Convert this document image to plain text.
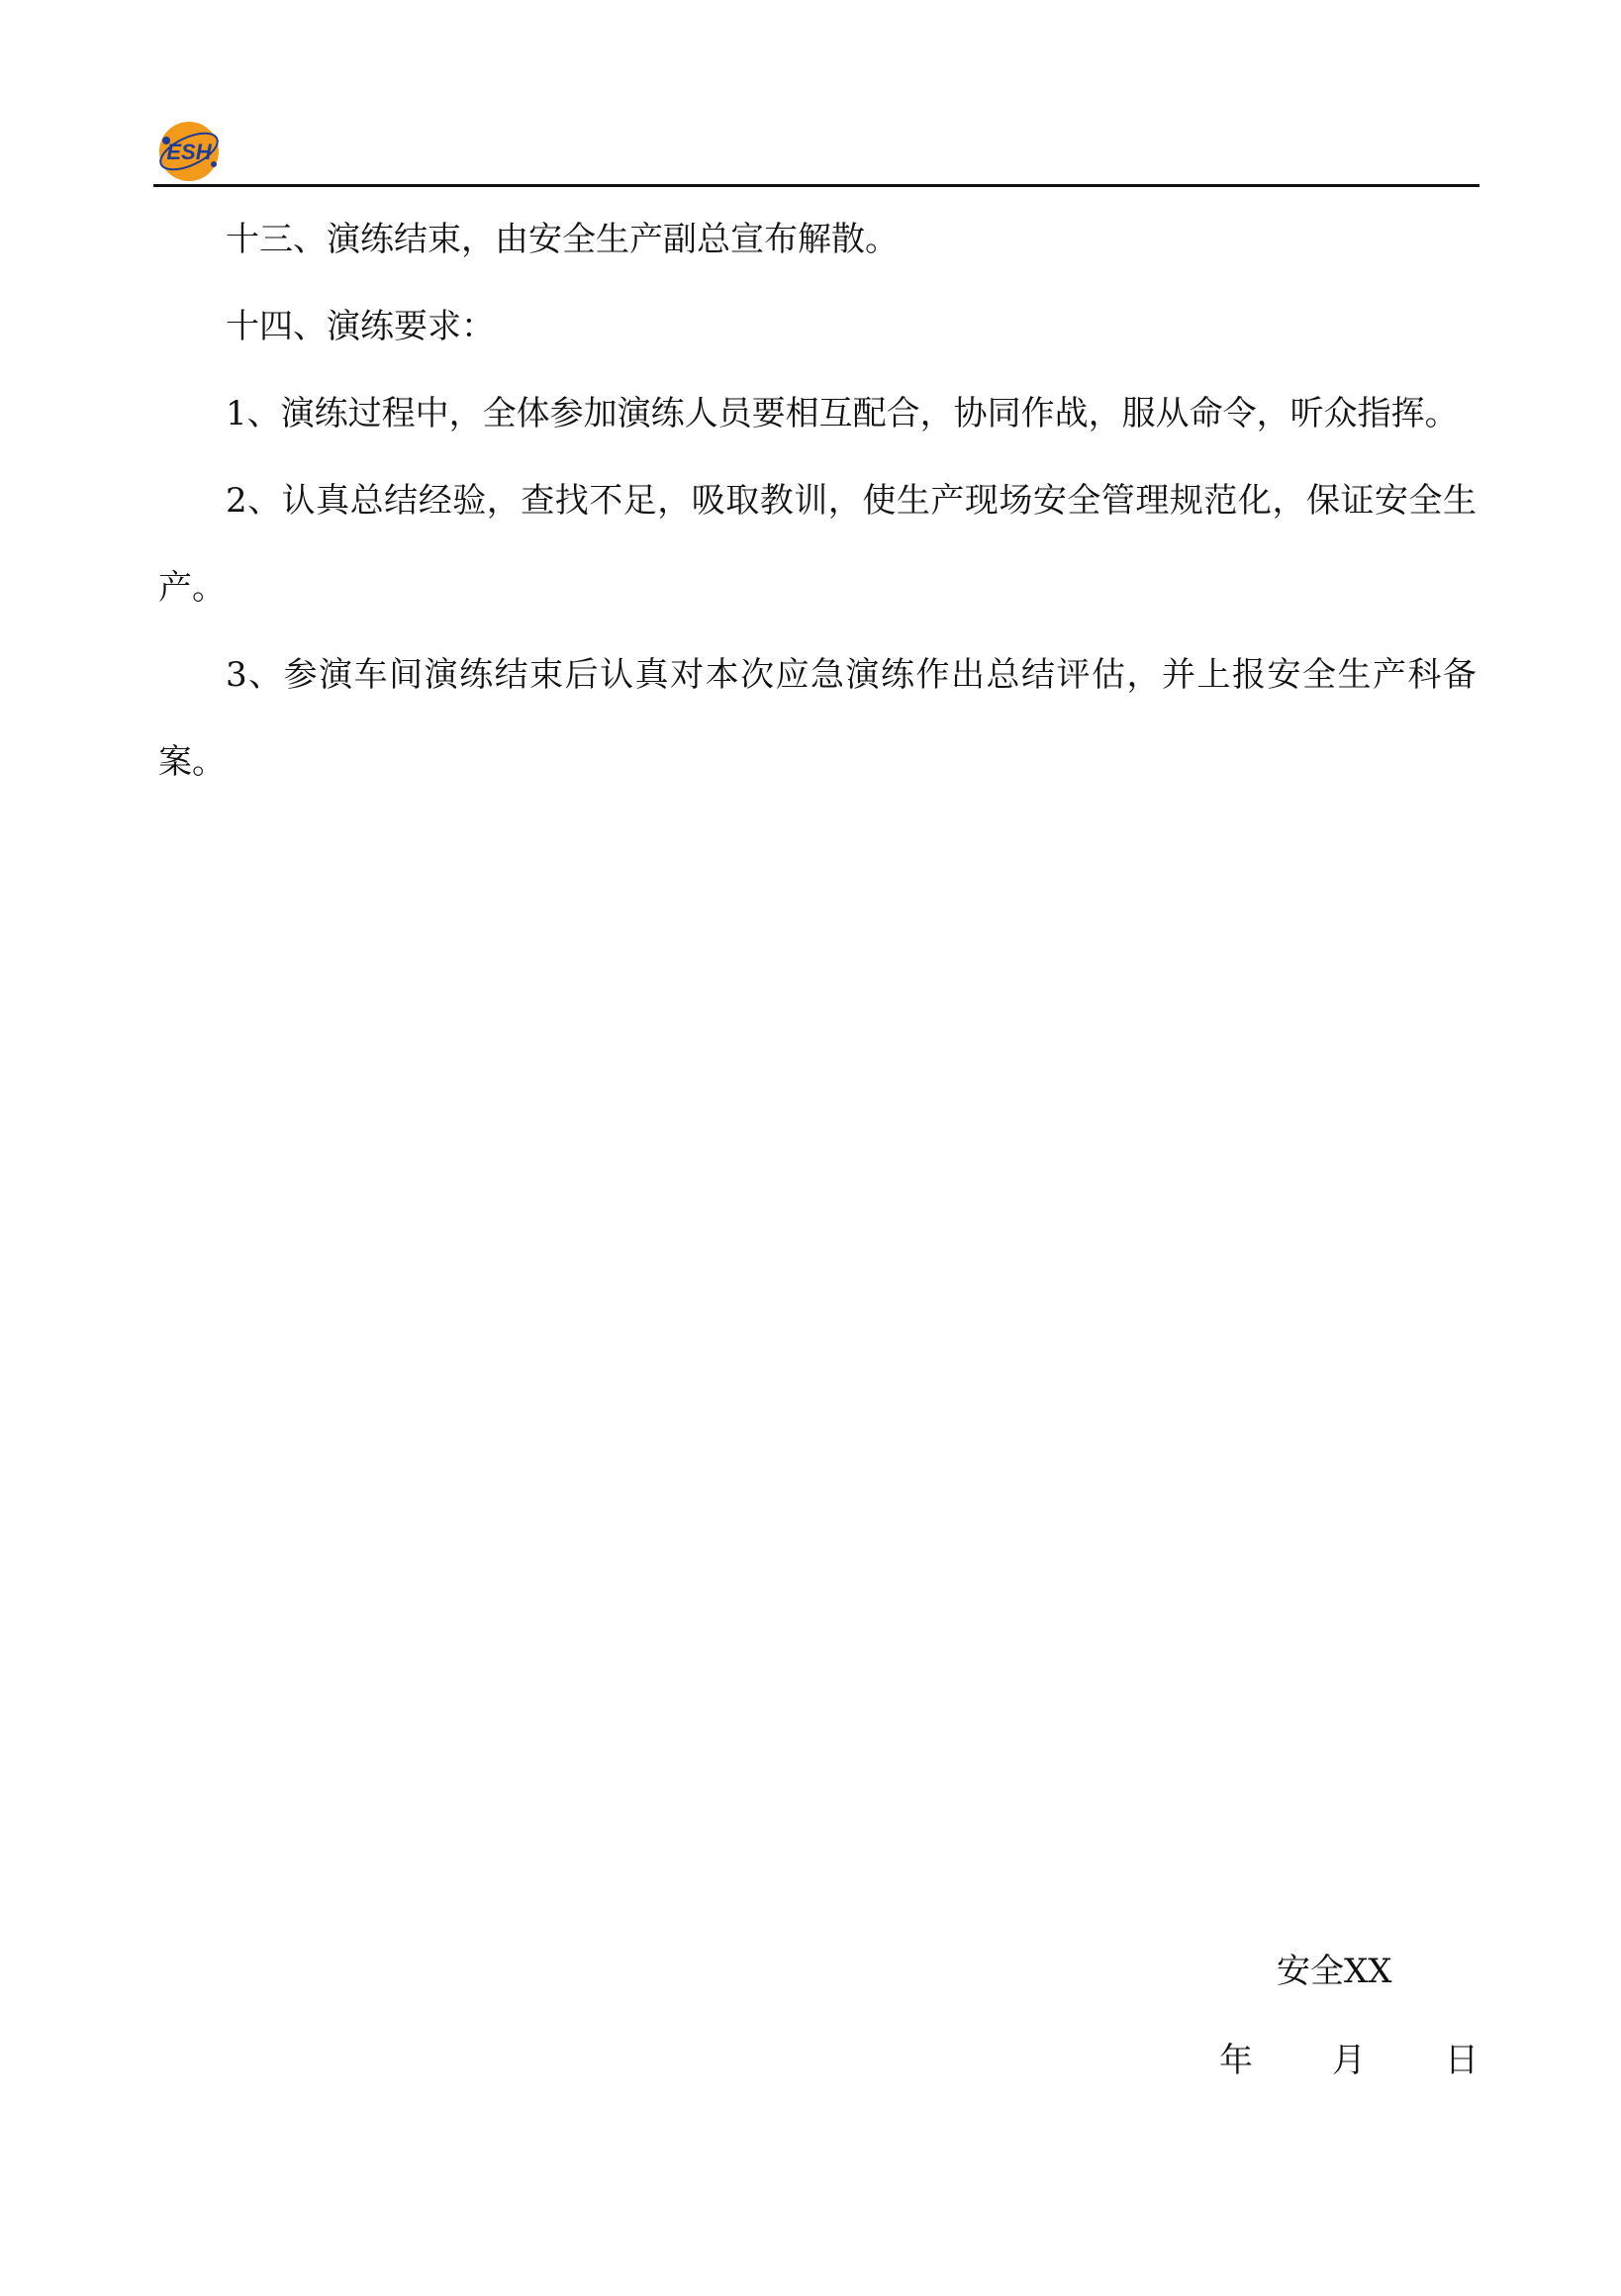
ESH

十三、演练结束，由安全生产副总宣布解散。

十四、演练要求：

1、演练过程中，全体参加演练人员要相互配合，协同作战，服从命令，听众指挥。

2、认真总结经验，查找不足，吸取教训，使生产现场安全管理规范化，保证安全生产。

3、参演车间演练结束后认真对本次应急演练作出总结评估，并上报安全生产科备案。

安全XX
年 月 日
